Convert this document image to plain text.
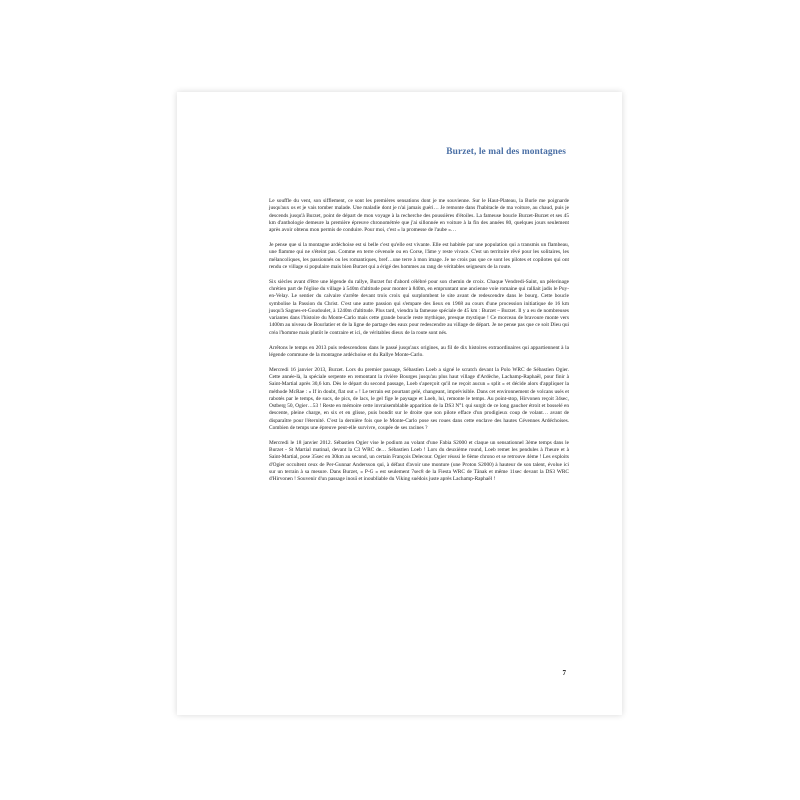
Burzet, le mal des montagnes

Le souffle du vent, son sifflement, ce sont les premières sensations dont je me souvienne. Sur le Haut-Plateau, la Burle me poignarde jusqu'aux os et je vais tomber malade. Une maladie dont je n'ai jamais guéri… Je remonte dans l'habitacle de ma voiture, au chaud, puis je descends jusqu'à Burzet, point de départ de mon voyage à la recherche des poussières d'étoiles. La fameuse boucle Burzet-Burzet et ses 45 km d'anthologie demeure la première épreuve chronométrée que j'ai sillonnée en voiture à la fin des années 80, quelques jours seulement après avoir obtenu mon permis de conduire. Pour moi, c'est « la promesse de l'aube »…

Je pense que si la montagne ardéchoise est si belle c'est qu'elle est vivante. Elle est habitée par une population qui a transmis un flambeau, une flamme qui ne s'éteint pas. Comme en terre cévenole ou en Corse, l'âme y reste vivace. C'est un territoire rêvé pour les solitaires, les mélancoliques, les passionnés ou les romantiques, bref…une terre à mon image. Je ne crois pas que ce sont les pilotes et copilotes qui ont rendu ce village si populaire mais bien Burzet qui a érigé des hommes au rang de véritables seigneurs de la route.

Six siècles avant d'être une légende du rallye, Burzet fut d'abord célébré pour son chemin de croix. Chaque Vendredi-Saint, un pèlerinage chrétien part de l'église du village à 540m d'altitude pour monter à 840m, en empruntant une ancienne voie romaine qui ralliait jadis le Puy-en-Velay. Le sentier du calvaire s'arrête devant trois croix qui surplombent le site avant de redescendre dans le bourg. Cette boucle symbolise la Passion du Christ. C'est une autre passion qui s'empare des lieux en 1968 au cours d'une procession initiatique de 16 km jusqu'à Sagnes-et-Goudoulet, à 1240m d'altitude. Plus tard, viendra la fameuse spéciale de 45 km : Burzet – Burzet. Il y a eu de nombreuses variantes dans l'histoire du Monte-Carlo mais cette grande boucle reste mythique, presque mystique ! Ce morceau de bravoure monte vers 1400m au niveau de Bourlatier et de la ligne de partage des eaux pour redescendre au village de départ. Je ne pense pas que ce soit Dieu qui créa l'homme mais plutôt le contraire et ici, de véritables dieux de la route sont nés.

Arrêtons le temps en 2013 puis redescendons dans le passé jusqu'aux origines, au fil de dix histoires extraordinaires qui appartiennent à la légende commune de la montagne ardéchoise et du Rallye Monte-Carlo.

Mercredi 16 janvier 2013, Burzet. Lors du premier passage, Sébastien Loeb a signé le scratch devant la Polo WRC de Sébastien Ogier. Cette année-là, la spéciale serpente en remontant la rivière Bourges jusqu'au plus haut village d'Ardèche, Lachamp-Raphaël, pour finir à Saint-Martial après 30,6 km. Dès le départ du second passage, Loeb s'aperçoit qu'il ne reçoit aucun « split » et décide alors d'appliquer la méthode McRae : « If in doubt, flat out » ! Le terrain est pourtant gelé, changeant, imprévisible. Dans cet environnement de volcans usés et rabotés par le temps, de sucs, de pics, de lacs, le gel fige le paysage et Loeb, lui, remonte le temps. Au point-stop, Hirvonen reçoit 34sec, Ostberg 50, Ogier…53 ! Reste en mémoire cette invraisemblable apparition de la DS3 N°1 qui surgit de ce long gaucher étroit et bosselé en descente, pleine charge, en six et en glisse, puis bondit sur le droite que son pilote efface d'un prodigieux coup de volant… avant de disparaître pour l'éternité. C'est la dernière fois que le Monte-Carlo pose ses roues dans cette enclave des hautes Cévennes Ardéchoises. Combien de temps une épreuve peut-elle survivre, coupée de ses racines ?

Mercredi le 18 janvier 2012. Sébastien Ogier vise le podium au volant d'une Fabia S2000 et claque un sensationnel 3ème temps dans le Burzet - St Martial matinal, devant la C3 WRC de… Sébastien Loeb ! Lors du deuxième round, Loeb remet les pendules à l'heure et à Saint-Martial, pose 35sec en 30km au second, un certain François Delecour. Ogier réussi le 6ème chrono et se retrouve 4ème ! Les exploits d'Ogier occultent ceux de Per-Gunnar Andersson qui, à défaut d'avoir une monture (une Proton S2000) à hauteur de son talent, évolue ici sur un terrain à sa mesure. Dans Burzet, « P-G » est seulement 7sec8 de la Fiesta WRC de Tänak et même 11sec devant la DS3 WRC d'Hirvonen ! Souvenir d'un passage inouï et inoubliable du Viking suédois juste après Lachamp-Raphaël !

7
